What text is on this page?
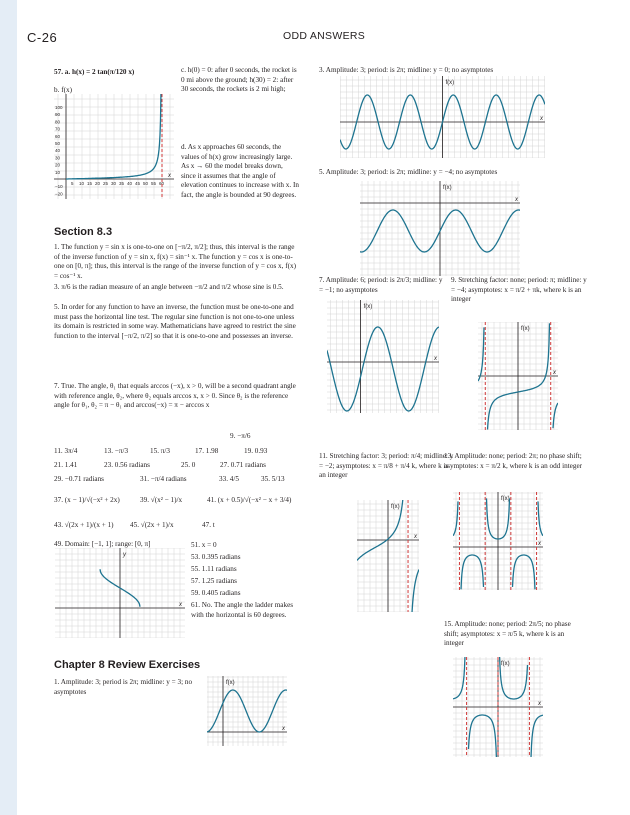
C-26	ODD ANSWERS
57. a. h(x) = 2 tan(π/120 x)
b. f(x)
100
90
80
70
60
50
40
30
20
10
−10
−20
5 10 15 20 25 30 35 40 45 50 55 60
x
c. h(0) = 0: after 0 seconds, the rocket is 0 mi above the ground; h(30) = 2: after 30 seconds, the rockets is 2 mi high;
d. As x approaches 60 seconds, the values of h(x) grow increasingly large. As x → 60 the model breaks down, since it assumes that the angle of elevation continues to increase with x. In fact, the angle is bounded at 90 degrees.
Section 8.3
1. The function y = sin x is one-to-one on [−π/2, π/2]; thus, this interval is the range of the inverse function of y = sin x, f(x) = sin⁻¹ x. The function y = cos x is one-to-one on [0, π]; thus, this interval is the range of the inverse function of y = cos x, f(x) = cos⁻¹ x.
3. π/6 is the radian measure of an angle between −π/2 and π/2 whose sine is 0.5.
5. In order for any function to have an inverse, the function must be one-to-one and must pass the horizontal line test. The regular sine function is not one-to-one unless its domain is restricted in some way. Mathematicians have agreed to restrict the sine function to the interval [−π/2, π/2] so that it is one-to-one and possesses an inverse.
7. True. The angle, θ₁ that equals arccos (−x), x > 0, will be a second quadrant angle with reference angle, θ₂, where θ₂ equals arccos x, x > 0. Since θ₂ is the reference angle for θ₁, θ₂ = π − θ₁ and arccos(−x) = π − arccos x
9. −π/6
11. 3π/4	13. −π/3	15. π/3	17. 1.98	19. 0.93
21. 1.41	23. 0.56 radians	25. 0	27. 0.71 radians
29. −0.71 radians	31. −π/4 radians	33. 4/5	35. 5/13
37. (x − 1)/√(−x² + 2x)	39. √(x² − 1)/x	41. (x + 0.5)/√(−x² − x + 3/4)
43. √(2x + 1)/(x + 1) 45. √(2x + 1)/x	47. t
49. Domain: [−1, 1]; range: [0, π]
y
x
51. x = 0
53. 0.395 radians
55. 1.11 radians
57. 1.25 radians
59. 0.405 radians
61. No. The angle the ladder makes with the horizontal is 60 degrees.
Chapter 8 Review Exercises
1. Amplitude: 3; period is 2π; midline: y = 3; no asymptotes
f(x)
x
3. Amplitude: 3; period: is 2π; midline: y = 0; no asymptotes
f(x)
x
5. Amplitude: 3; period: is 2π; midline: y = −4; no asymptotes
f(x)
x
7. Amplitude: 6; period: is 2π/3; midline: y = −1; no asymptotes
f(x)
x
9. Stretching factor: none; period: π; midline: y = −4; asymptotes: x = π/2 + πk, where k is an integer
f(x)
x
11. Stretching factor: 3; period: π/4; midline: y = −2; asymptotes: x = π/8 + π/4 k, where k is an integer
f(x)
x
13. Amplitude: none; period: 2π; no phase shift; asymptotes: x = π/2 k, where k is an odd integer
f(x)
x
15. Amplitude: none; period: 2π/5; no phase shift; asymptotes: x = π/5 k, where k is an integer
f(x)
x
